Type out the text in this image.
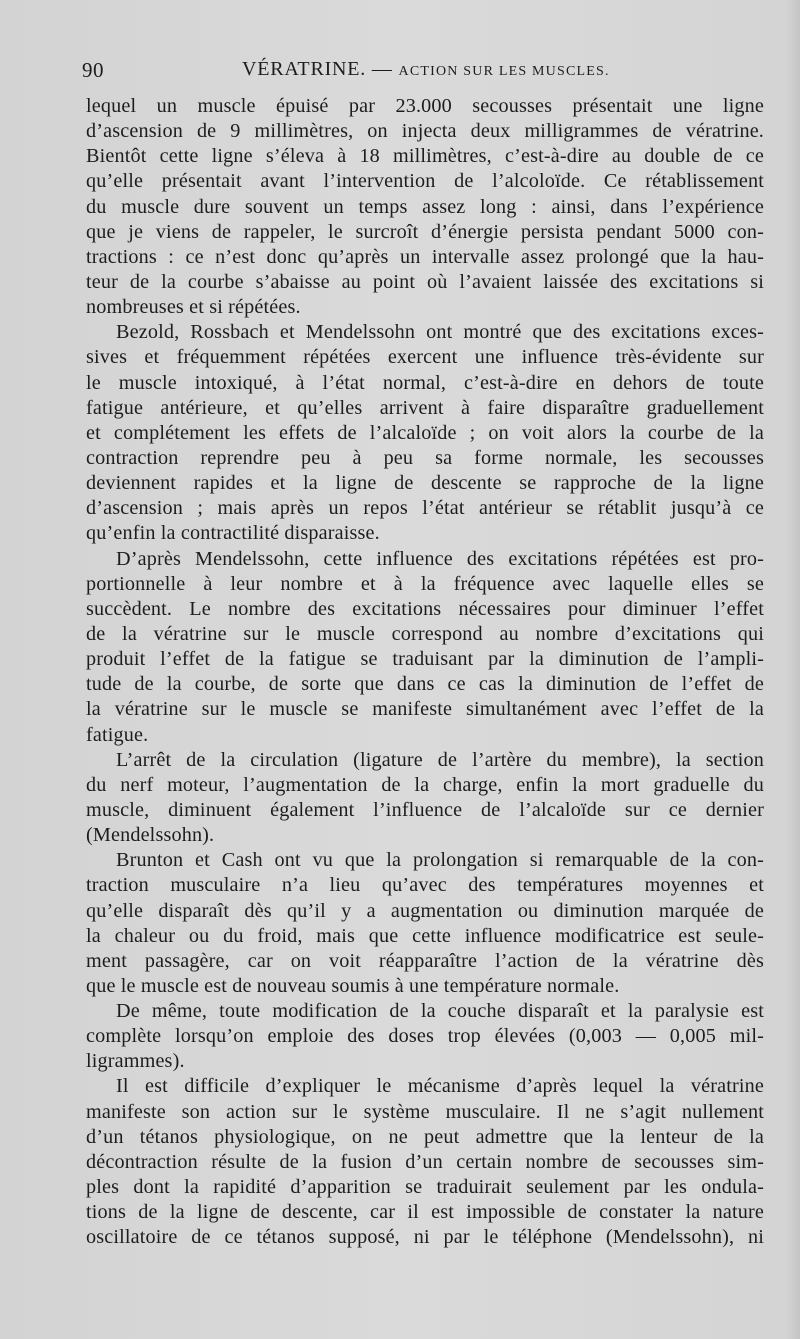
90	VÉRATRINE. — ACTION SUR LES MUSCLES.
lequel un muscle épuisé par 23.000 secousses présentait une ligne
d’ascension de 9 millimètres, on injecta deux milligrammes de vératrine.
Bientôt cette ligne s’éleva à 18 millimètres, c’est-à-dire au double de ce
qu’elle présentait avant l’intervention de l’alcoloïde. Ce rétablissement
du muscle dure souvent un temps assez long : ainsi, dans l’expérience
que je viens de rappeler, le surcroît d’énergie persista pendant 5000 con-
tractions : ce n’est donc qu’après un intervalle assez prolongé que la hau-
teur de la courbe s’abaisse au point où l’avaient laissée des excitations si
nombreuses et si répétées.
Bezold, Rossbach et Mendelssohn ont montré que des excitations exces-
sives et fréquemment répétées exercent une influence très-évidente sur
le muscle intoxiqué, à l’état normal, c’est-à-dire en dehors de toute
fatigue antérieure, et qu’elles arrivent à faire disparaître graduellement
et complétement les effets de l’alcaloïde ; on voit alors la courbe de la
contraction reprendre peu à peu sa forme normale, les secousses
deviennent rapides et la ligne de descente se rapproche de la ligne
d’ascension ; mais après un repos l’état antérieur se rétablit jusqu’à ce
qu’enfin la contractilité disparaisse.
D’après Mendelssohn, cette influence des excitations répétées est pro-
portionnelle à leur nombre et à la fréquence avec laquelle elles se
succèdent. Le nombre des excitations nécessaires pour diminuer l’effet
de la vératrine sur le muscle correspond au nombre d’excitations qui
produit l’effet de la fatigue se traduisant par la diminution de l’ampli-
tude de la courbe, de sorte que dans ce cas la diminution de l’effet de
la vératrine sur le muscle se manifeste simultanément avec l’effet de la
fatigue.
L’arrêt de la circulation (ligature de l’artère du membre), la section
du nerf moteur, l’augmentation de la charge, enfin la mort graduelle du
muscle, diminuent également l’influence de l’alcaloïde sur ce dernier
(Mendelssohn).
Brunton et Cash ont vu que la prolongation si remarquable de la con-
traction musculaire n’a lieu qu’avec des températures moyennes et
qu’elle disparaît dès qu’il y a augmentation ou diminution marquée de
la chaleur ou du froid, mais que cette influence modificatrice est seule-
ment passagère, car on voit réapparaître l’action de la vératrine dès
que le muscle est de nouveau soumis à une température normale.
De même, toute modification de la couche disparaît et la paralysie est
complète lorsqu’on emploie des doses trop élevées (0,003 — 0,005 mil-
ligrammes).
Il est difficile d’expliquer le mécanisme d’après lequel la vératrine
manifeste son action sur le système musculaire. Il ne s’agit nullement
d’un tétanos physiologique, on ne peut admettre que la lenteur de la
décontraction résulte de la fusion d’un certain nombre de secousses sim-
ples dont la rapidité d’apparition se traduirait seulement par les ondula-
tions de la ligne de descente, car il est impossible de constater la nature
oscillatoire de ce tétanos supposé, ni par le téléphone (Mendelssohn), ni
